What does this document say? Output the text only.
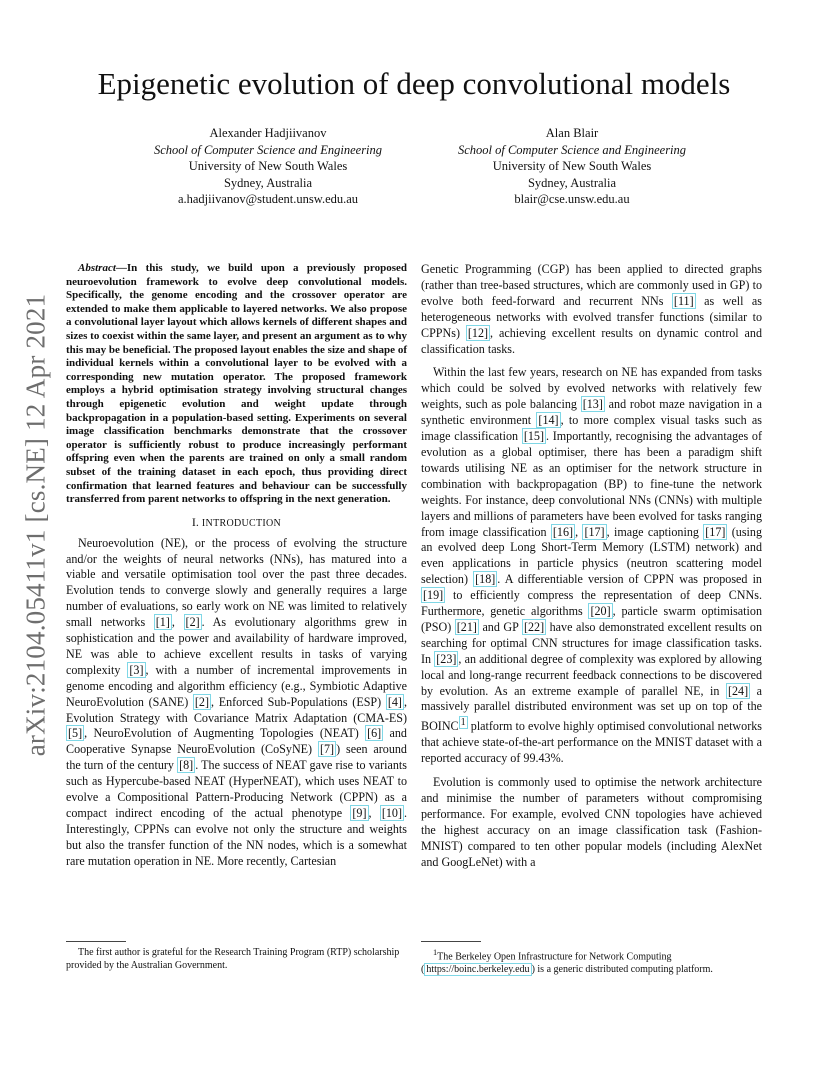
arXiv:2104.05411v1 [cs.NE] 12 Apr 2021
Epigenetic evolution of deep convolutional models
Alexander Hadjiivanov
School of Computer Science and Engineering
University of New South Wales
Sydney, Australia
a.hadjiivanov@student.unsw.edu.au
Alan Blair
School of Computer Science and Engineering
University of New South Wales
Sydney, Australia
blair@cse.unsw.edu.au

Abstract—In this study, we build upon a previously proposed neuroevolution framework to evolve deep convolutional models. Specifically, the genome encoding and the crossover operator are extended to make them applicable to layered networks. We also propose a convolutional layer layout which allows kernels of different shapes and sizes to coexist within the same layer, and present an argument as to why this may be beneficial. The proposed layout enables the size and shape of individual kernels within a convolutional layer to be evolved with a corresponding new mutation operator. The proposed framework employs a hybrid optimisation strategy involving structural changes through epigenetic evolution and weight update through backpropagation in a population-based setting. Experiments on several image classification benchmarks demonstrate that the crossover operator is sufficiently robust to produce increasingly performant offspring even when the parents are trained on only a small random subset of the training dataset in each epoch, thus providing direct confirmation that learned features and behaviour can be successfully transferred from parent networks to offspring in the next generation.

I. INTRODUCTION

Neuroevolution (NE), or the process of evolving the structure and/or the weights of neural networks (NNs), has matured into a viable and versatile optimisation tool over the past three decades. Evolution tends to converge slowly and generally requires a large number of evaluations, so early work on NE was limited to relatively small networks [1] , [2] . As evolutionary algorithms grew in sophistication and the power and availability of hardware improved, NE was able to achieve excellent results in tasks of varying complexity [3] , with a number of incremental improvements in genome encoding and algorithm efficiency (e.g., Symbiotic Adaptive NeuroEvolution (SANE) [2] , Enforced Sub-Populations (ESP) [4] , Evolution Strategy with Covariance Matrix Adaptation (CMA-ES) [5] , NeuroEvolution of Augmenting Topologies (NEAT) [6] and Cooperative Synapse NeuroEvolution (CoSyNE) [7] ) seen around the turn of the century [8] . The success of NEAT gave rise to variants such as Hypercube-based NEAT (HyperNEAT), which uses NEAT to evolve a Compositional Pattern-Producing Network (CPPN) as a compact indirect encoding of the actual phenotype [9] , [10] . Interestingly, CPPNs can evolve not only the structure and weights but also the transfer function of the NN nodes, which is a somewhat rare mutation operation in NE. More recently, Cartesian

Genetic Programming (CGP) has been applied to directed graphs (rather than tree-based structures, which are commonly used in GP) to evolve both feed-forward and recurrent NNs [11] as well as heterogeneous networks with evolved transfer functions (similar to CPPNs) [12] , achieving excellent results on dynamic control and classification tasks.

Within the last few years, research on NE has expanded from tasks which could be solved by evolved networks with relatively few weights, such as pole balancing [13] and robot maze navigation in a synthetic environment [14] , to more complex visual tasks such as image classification [15] . Importantly, recognising the advantages of evolution as a global optimiser, there has been a paradigm shift towards utilising NE as an optimiser for the network structure in combination with backpropagation (BP) to fine-tune the network weights. For instance, deep convolutional NNs (CNNs) with multiple layers and millions of parameters have been evolved for tasks ranging from image classification [16] , [17] , image captioning [17] (using an evolved deep Long Short-Term Memory (LSTM) network) and even applications in particle physics (neutron scattering model selection) [18] . A differentiable version of CPPN was proposed in [19] to efficiently compress the representation of deep CNNs. Furthermore, genetic algorithms [20] , particle swarm optimisation (PSO) [21] and GP [22] have also demonstrated excellent results on searching for optimal CNN structures for image classification tasks. In [23] , an additional degree of complexity was explored by allowing local and long-range recurrent feedback connections to be discovered by evolution. As an extreme example of parallel NE, in [24] a massively parallel distributed environment was set up on top of the BOINC $^1$ platform to evolve highly optimised convolutional networks that achieve state-of-the-art performance on the MNIST dataset with a reported accuracy of 99.43%.

Evolution is commonly used to optimise the network architecture and minimise the number of parameters without compromising performance. For example, evolved CNN topologies have achieved the highest accuracy on an image classification task (Fashion-MNIST) compared to ten other popular models (including AlexNet and GoogLeNet) with a

The first author is grateful for the Research Training Program (RTP) scholarship provided by the Australian Government.
$^1$The Berkeley Open Infrastructure for Network Computing ( https://boinc.berkeley.edu ) is a generic distributed computing platform.
